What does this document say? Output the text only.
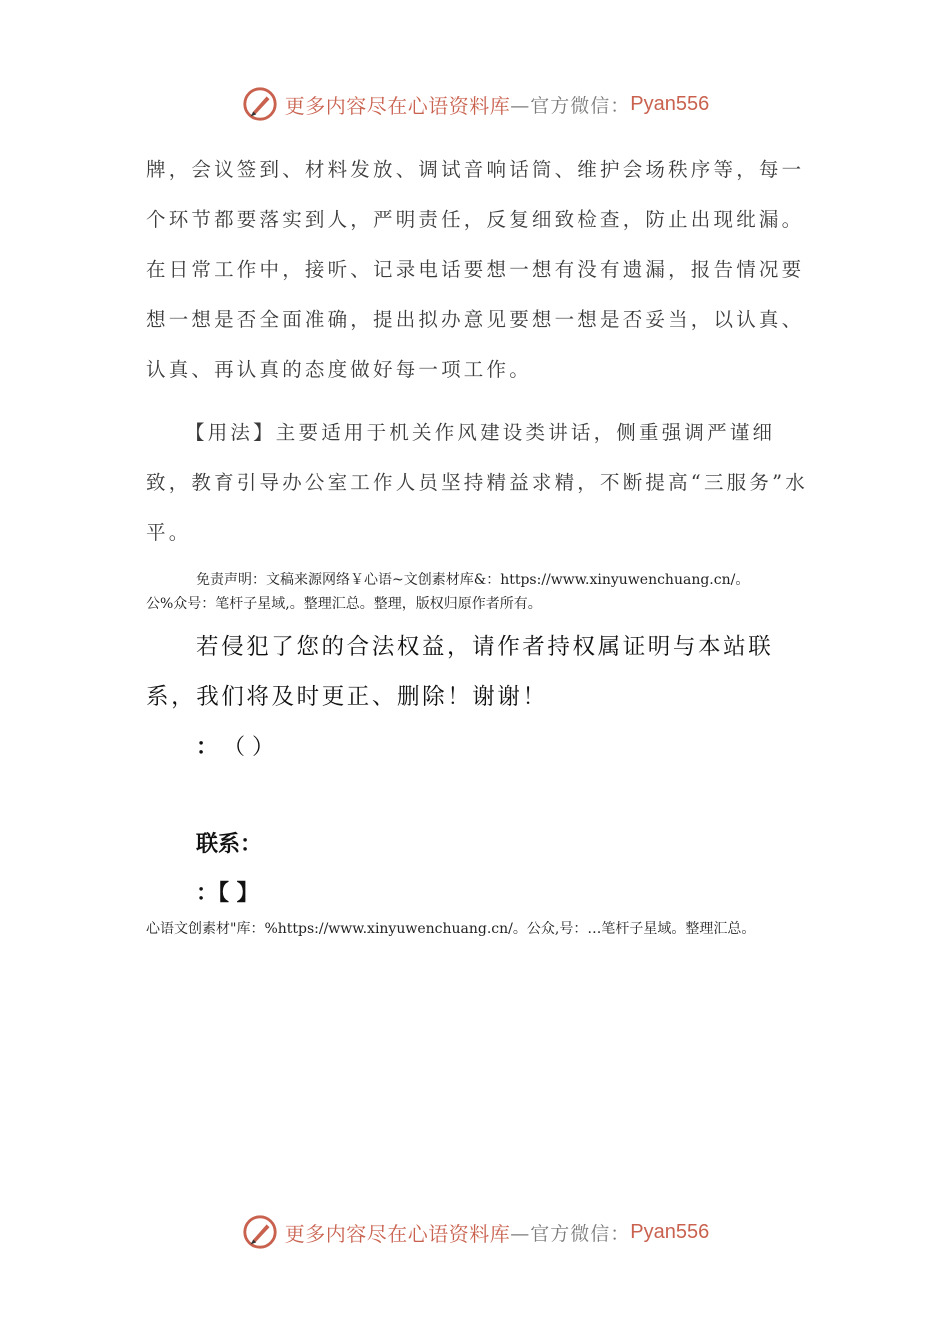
更多内容尽在心语资料库 —官方微信： Pyan556

牌，会议签到、材料发放、调试音响话筒、维护会场秩序等，每一个环节都要落实到人，严明责任，反复细致检查，防止出现纰漏。在日常工作中，接听、记录电话要想一想有没有遗漏，报告情况要想一想是否全面准确，提出拟办意见要想一想是否妥当，以认真、认真、再认真的态度做好每一项工作。

【用法】主要适用于机关作风建设类讲话，侧重强调严谨细致，教育引导办公室工作人员坚持精益求精，不断提高“三服务”水平。

免责声明：文稿来源网络￥心语~文创素材库&：https://www.xinyuwenchuang.cn/。
公%众号：笔杆子星域,。整理汇总。整理，版权归原作者所有。

若侵犯了您的合法权益，请作者持权属证明与本站联系，我们将及时更正、删除！谢谢！

： （ ）

联系：

：【 】

心语文创素材"库：%https://www.xinyuwenchuang.cn/。公众,号：…笔杆子星域。整理汇总。

更多内容尽在心语资料库 —官方微信： Pyan556
